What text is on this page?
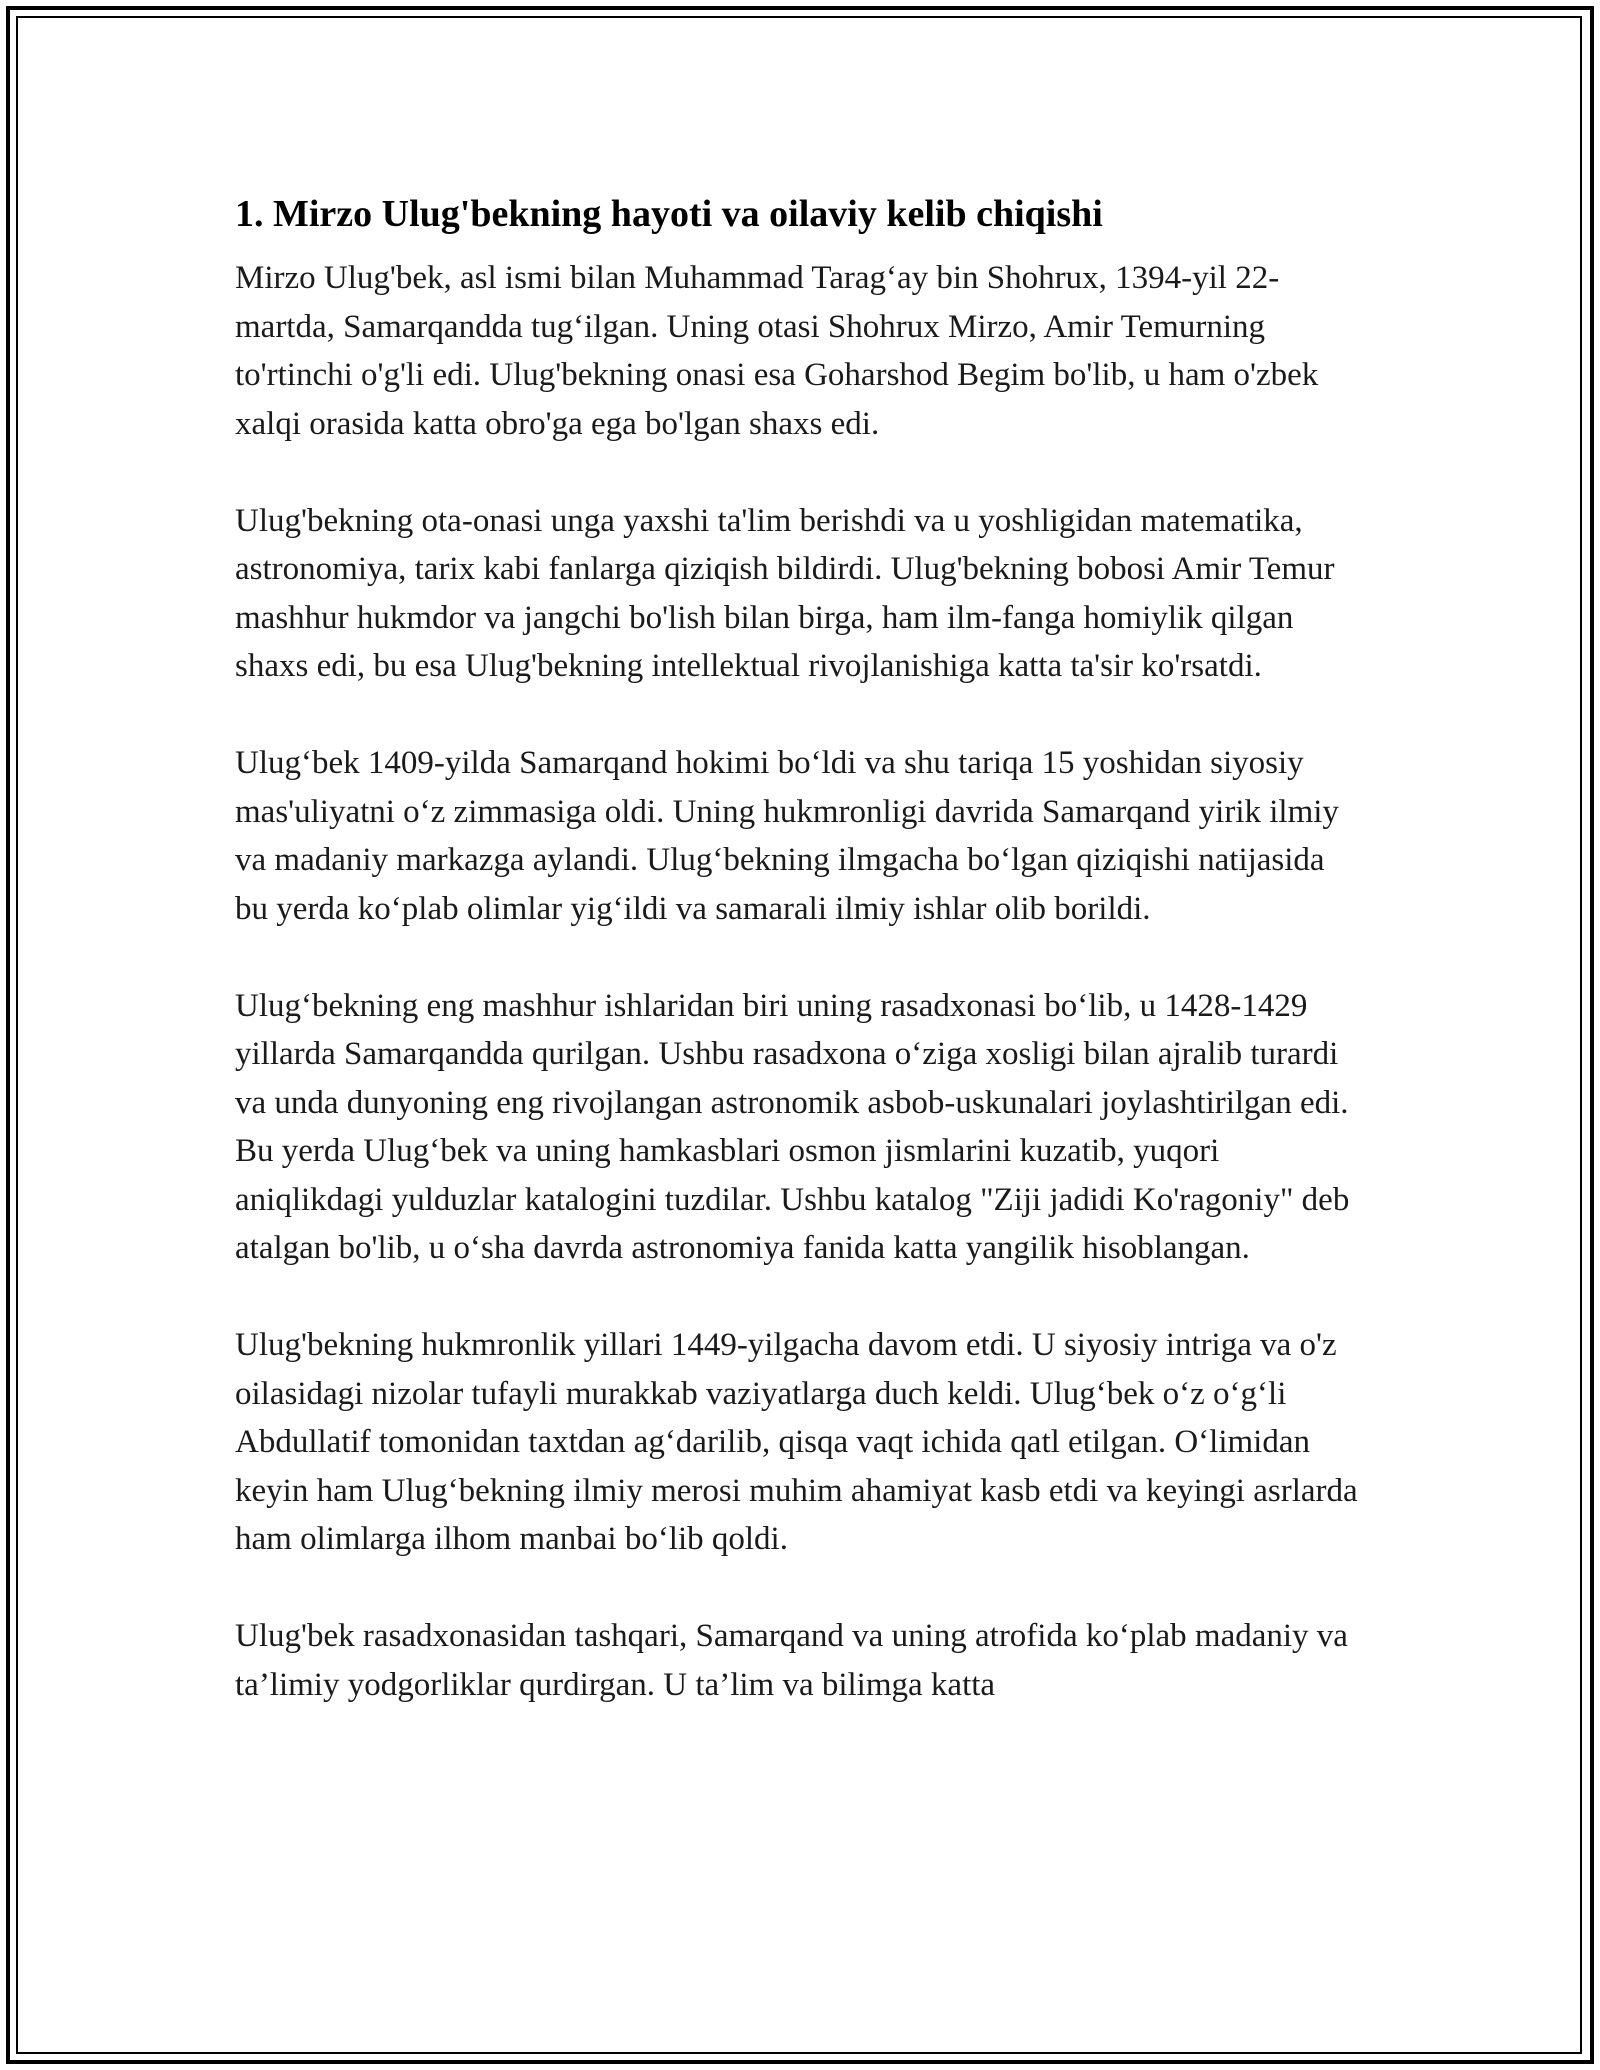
1. Mirzo Ulug'bekning hayoti va oilaviy kelib chiqishi

Mirzo Ulug'bek, asl ismi bilan Muhammad Tarag‘ay bin Shohrux, 1394-yil 22-martda, Samarqandda tug‘ilgan. Uning otasi Shohrux Mirzo, Amir Temurning to'rtinchi o'g'li edi. Ulug'bekning onasi esa Goharshod Begim bo'lib, u ham o'zbek xalqi orasida katta obro'ga ega bo'lgan shaxs edi.

Ulug'bekning ota-onasi unga yaxshi ta'lim berishdi va u yoshligidan matematika, astronomiya, tarix kabi fanlarga qiziqish bildirdi. Ulug'bekning bobosi Amir Temur mashhur hukmdor va jangchi bo'lish bilan birga, ham ilm-fanga homiylik qilgan shaxs edi, bu esa Ulug'bekning intellektual rivojlanishiga katta ta'sir ko'rsatdi.

Ulug‘bek 1409-yilda Samarqand hokimi bo‘ldi va shu tariqa 15 yoshidan siyosiy mas'uliyatni o‘z zimmasiga oldi. Uning hukmronligi davrida Samarqand yirik ilmiy va madaniy markazga aylandi. Ulug‘bekning ilmgacha bo‘lgan qiziqishi natijasida bu yerda ko‘plab olimlar yig‘ildi va samarali ilmiy ishlar olib borildi.

Ulug‘bekning eng mashhur ishlaridan biri uning rasadxonasi bo‘lib, u 1428-1429 yillarda Samarqandda qurilgan. Ushbu rasadxona o‘ziga xosligi bilan ajralib turardi va unda dunyoning eng rivojlangan astronomik asbob-uskunalari joylashtirilgan edi. Bu yerda Ulug‘bek va uning hamkasblari osmon jismlarini kuzatib, yuqori aniqlikdagi yulduzlar katalogini tuzdilar. Ushbu katalog "Ziji jadidi Ko'ragoniy" deb atalgan bo'lib, u o‘sha davrda astronomiya fanida katta yangilik hisoblangan.

Ulug'bekning hukmronlik yillari 1449-yilgacha davom etdi. U siyosiy intriga va o'z oilasidagi nizolar tufayli murakkab vaziyatlarga duch keldi. Ulug‘bek o‘z o‘g‘li Abdullatif tomonidan taxtdan ag‘darilib, qisqa vaqt ichida qatl etilgan. O‘limidan keyin ham Ulug‘bekning ilmiy merosi muhim ahamiyat kasb etdi va keyingi asrlarda ham olimlarga ilhom manbai bo‘lib qoldi.

Ulug'bek rasadxonasidan tashqari, Samarqand va uning atrofida ko‘plab madaniy va ta’limiy yodgorliklar qurdirgan. U ta’lim va bilimga katta
